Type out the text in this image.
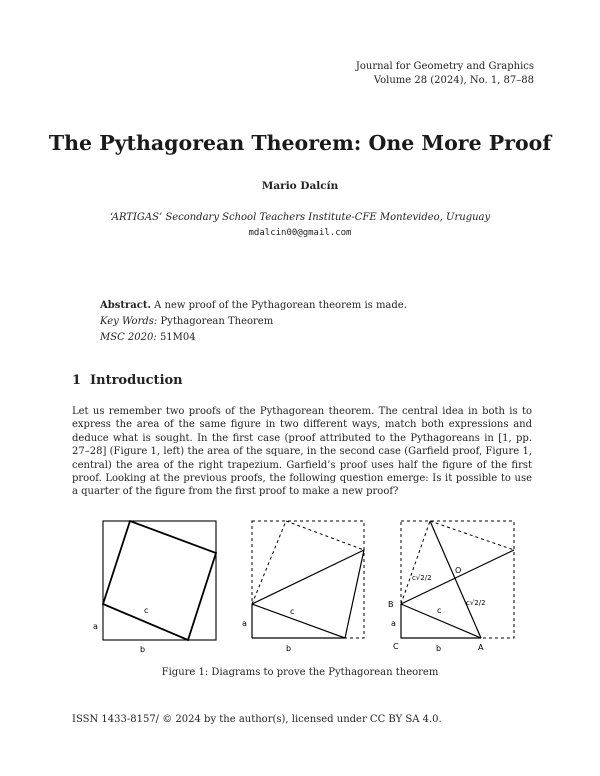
Journal for Geometry and Graphics
Volume 28 (2024), No. 1, 87–88
The Pythagorean Theorem: One More Proof
Mario Dalcín
‘ARTIGAS’ Secondary School Teachers Institute-CFE Montevideo, Uruguay
mdalcin00@gmail.com
Abstract. A new proof of the Pythagorean theorem is made.
Key Words: Pythagorean Theorem
MSC 2020: 51M04
1 Introduction
Let us remember two proofs of the Pythagorean theorem. The central idea in both is to express the area of the same figure in two different ways, match both expressions and deduce what is sought. In the first case (proof attributed to the Pythagoreans in [1, pp. 27–28] (Figure 1, left) the area of the square, in the second case (Garfield proof, Figure 1, central) the area of the right trapezium. Garfield’s proof uses half the figure of the first proof. Looking at the previous proofs, the following question emerge: Is it possible to use a quarter of the figure from the first proof to make a new proof?
a
b
c
a
b
c
B
a
C	b
c
A
O
c√2/2
c√2/2
Figure 1: Diagrams to prove the Pythagorean theorem
ISSN 1433-8157/ © 2024 by the author(s), licensed under CC BY SA 4.0.
